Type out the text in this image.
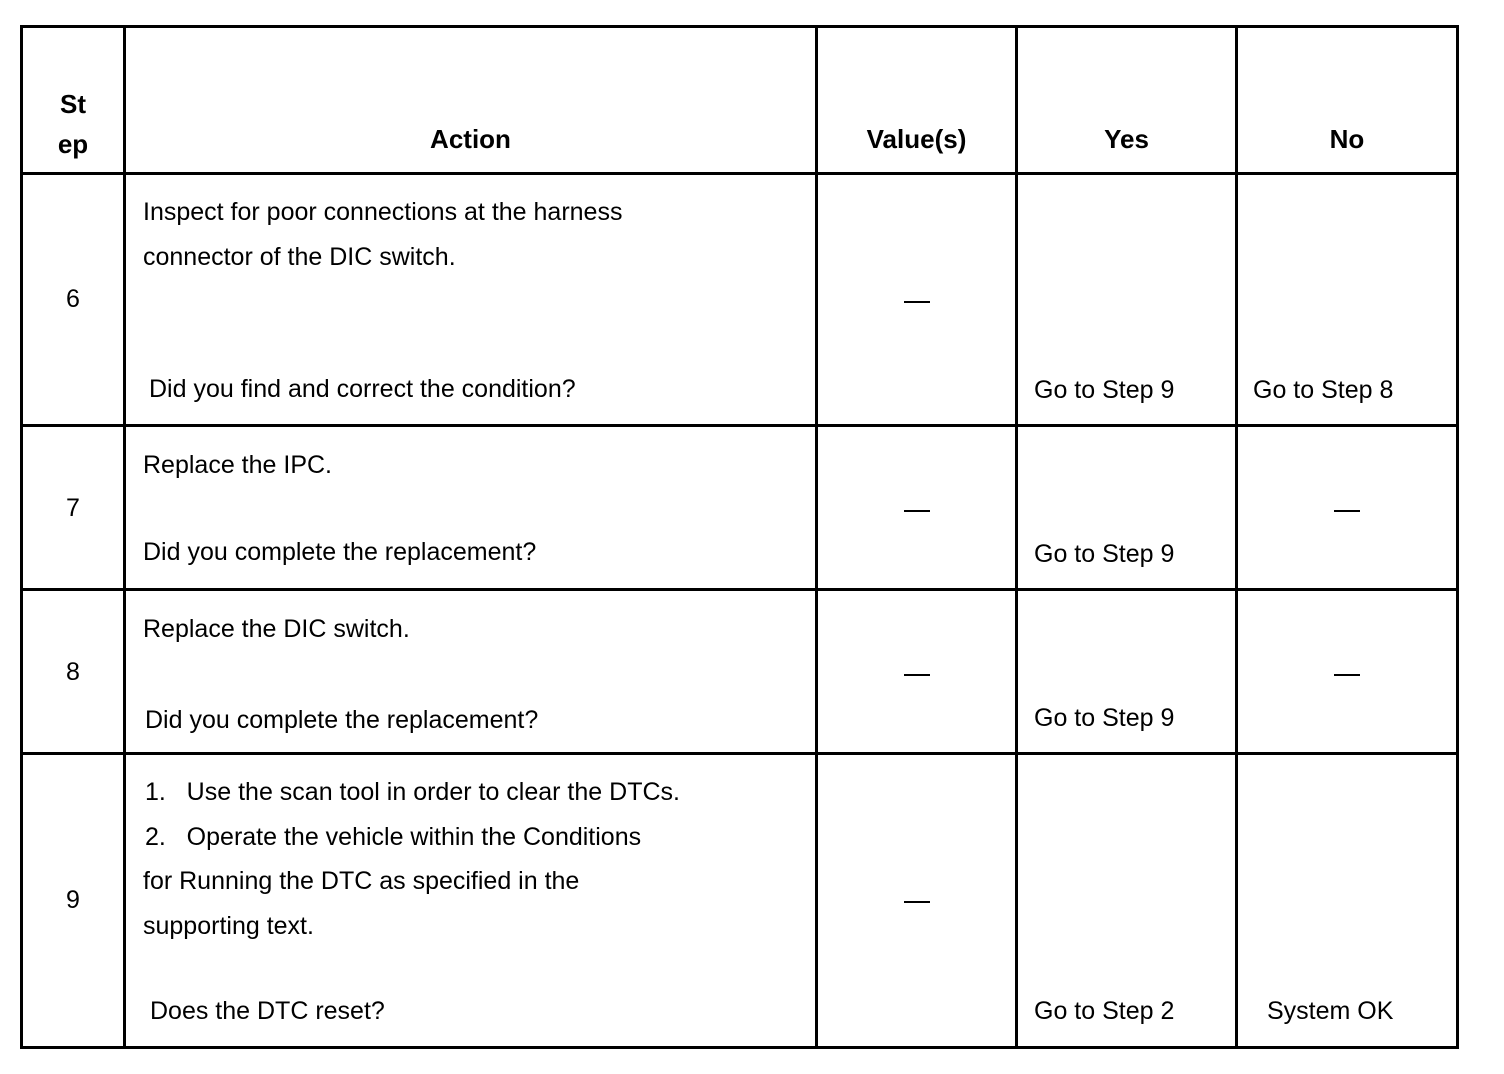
St
ep	Action	Value(s)	Yes	No

6	Inspect for poor connections at the harness
connector of the DIC switch.
Did you find and correct the condition?		Go to Step 9	Go to Step 8

7	Replace the IPC.
Did you complete the replacement?		Go to Step 9	

8	Replace the DIC switch.
Did you complete the replacement?		Go to Step 9	

9	1.   Use the scan tool in order to clear the DTCs.
2.   Operate the vehicle within the Conditions
for Running the DTC as specified in the
supporting text.
Does the DTC reset?		Go to Step 2	System OK
